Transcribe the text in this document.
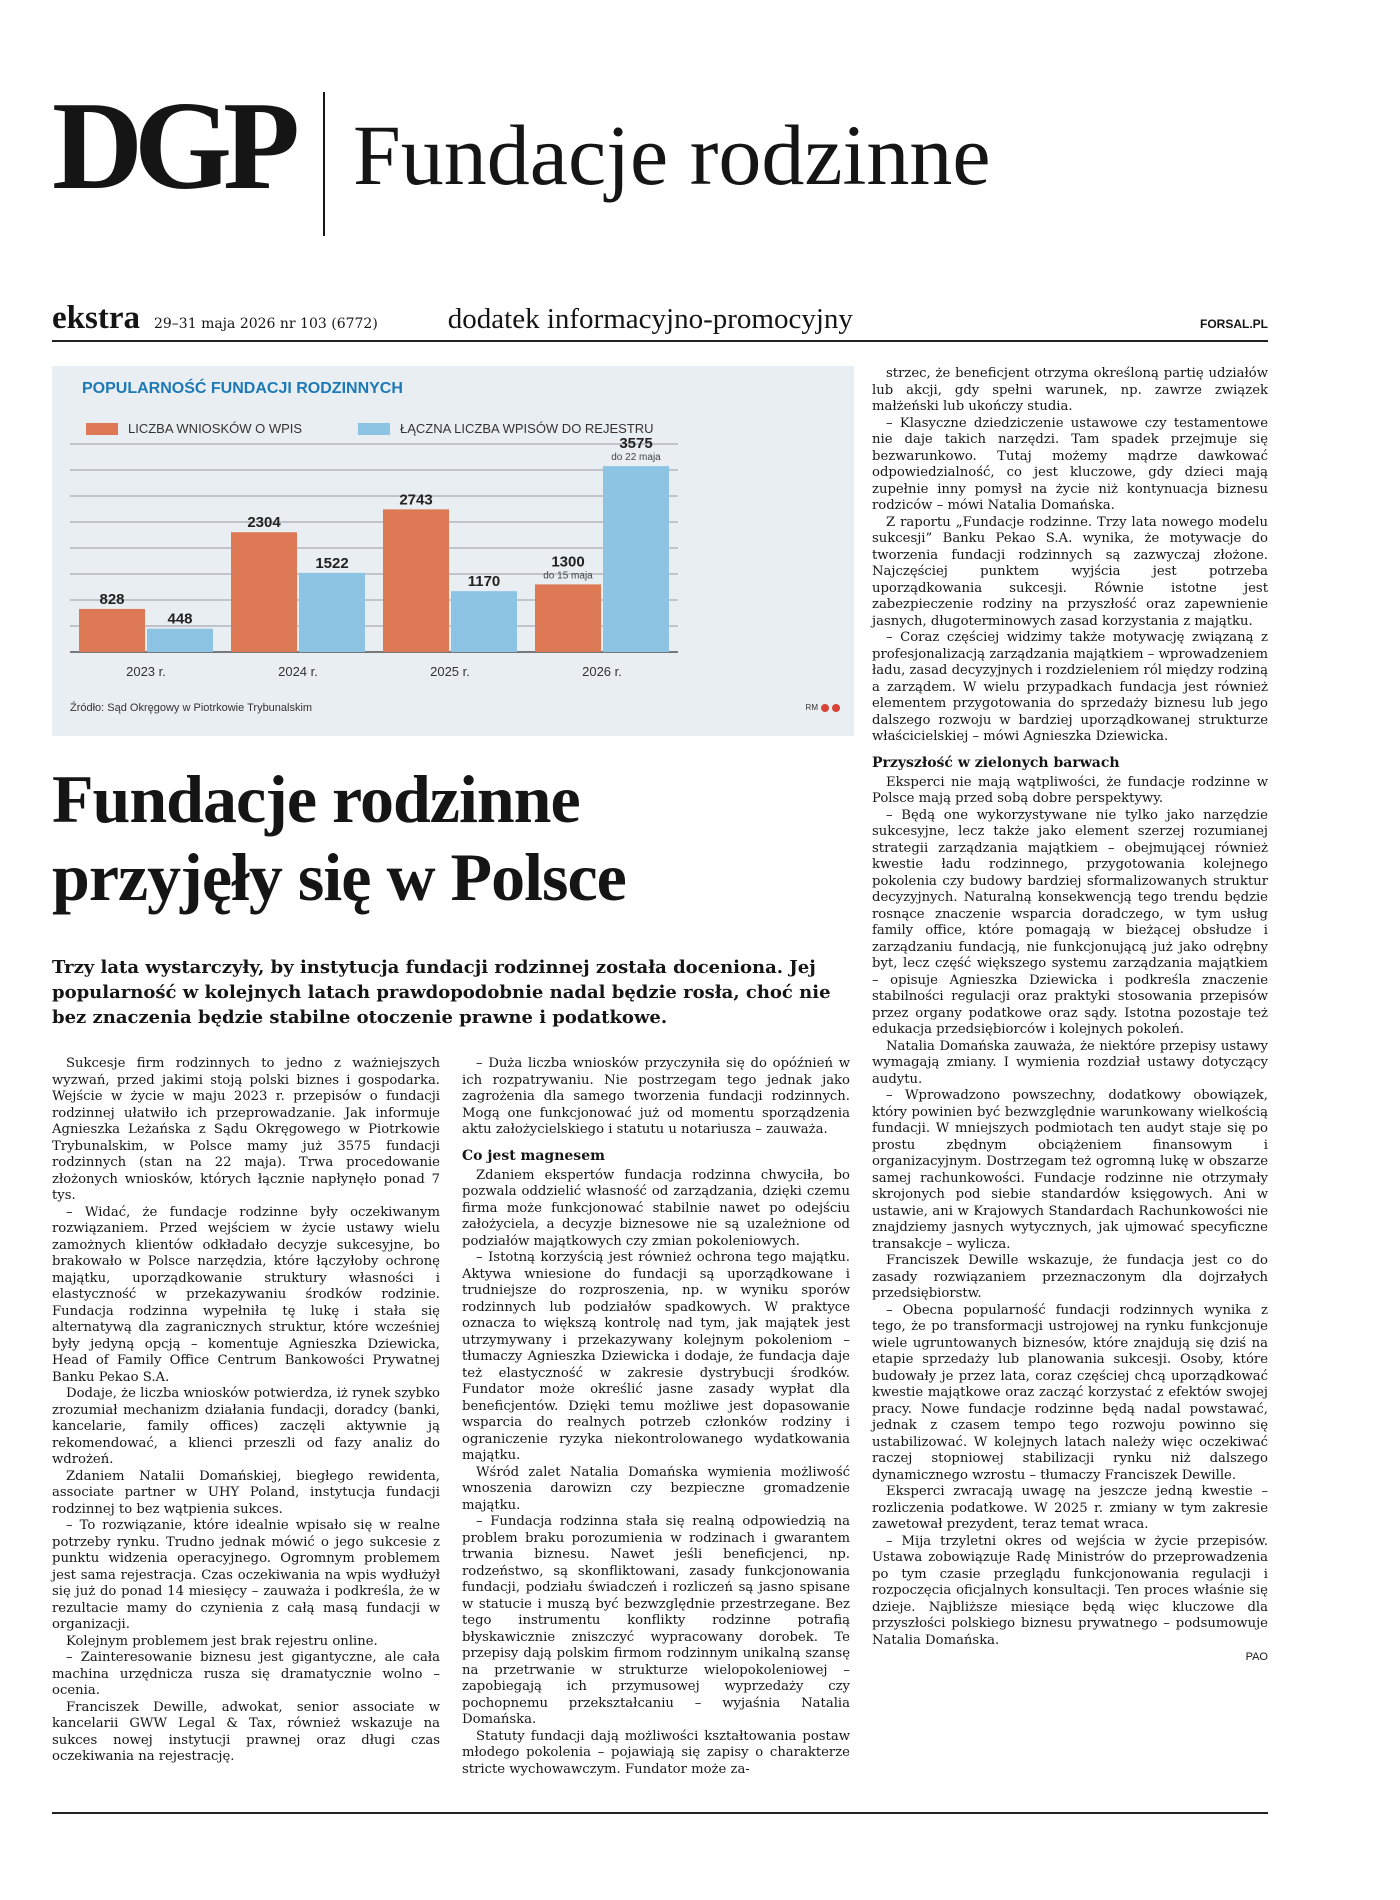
DGP Fundacje rodzinne
ekstra 29–31 maja 2026 nr 103 (6772) dodatek informacyjno-promocyjny	FORSAL.PL
POPULARNOŚĆ FUNDACJI RODZINNYCH
LICZBA WNIOSKÓW O WPIS	ŁĄCZNA LICZBA WPISÓW DO REJESTRU
828
448
2023 r.
2304
1522
2024 r.
2743
1170
2025 r.
1300
do 15 maja
3575
do 22 maja
2026 r.
Źródło: Sąd Okręgowy w Piotrkowie Trybunalskim	RM
Fundacje rodzinne
przyjęły się w Polsce

Trzy lata wystarczyły, by instytucja fundacji rodzinnej została doceniona. Jej popularność w kolejnych latach prawdopodobnie nadal będzie rosła, choć nie bez znaczenia będzie stabilne otoczenie prawne i podatkowe.

Sukcesje firm rodzinnych to jedno z ważniejszych wyzwań, przed jakimi stoją polski biznes i gospodarka. Wejście w życie w maju 2023 r. przepisów o fundacji rodzinnej ułatwiło ich przeprowadzanie. Jak informuje Agnieszka Leżańska z Sądu Okręgowego w Piotrkowie Trybunalskim, w Polsce mamy już 3575 fundacji rodzinnych (stan na 22 maja). Trwa procedowanie złożonych wniosków, których łącznie napłynęło ponad 7 tys.

– Widać, że fundacje rodzinne były oczekiwanym rozwiązaniem. Przed wejściem w życie ustawy wielu zamożnych klientów odkładało decyzje sukcesyjne, bo brakowało w Polsce narzędzia, które łączyłoby ochronę majątku, uporządkowanie struktury własności i elastyczność w przekazywaniu środków rodzinie. Fundacja rodzinna wypełniła tę lukę i stała się alternatywą dla zagranicznych struktur, które wcześniej były jedyną opcją – komentuje Agnieszka Dziewicka, Head of Family Office Centrum Bankowości Prywatnej Banku Pekao S.A.

Dodaje, że liczba wniosków potwierdza, iż rynek szybko zrozumiał mechanizm działania fundacji, doradcy (banki, kancelarie, family offices) zaczęli aktywnie ją rekomendować, a klienci przeszli od fazy analiz do wdrożeń.

Zdaniem Natalii Domańskiej, biegłego rewidenta, associate partner w UHY Poland, instytucja fundacji rodzinnej to bez wątpienia sukces.

– To rozwiązanie, które idealnie wpisało się w realne potrzeby rynku. Trudno jednak mówić o jego sukcesie z punktu widzenia operacyjnego. Ogromnym problemem jest sama rejestracja. Czas oczekiwania na wpis wydłużył się już do ponad 14 miesięcy – zauważa i podkreśla, że w rezultacie mamy do czynienia z całą masą fundacji w organizacji.

Kolejnym problemem jest brak rejestru online.

– Zainteresowanie biznesu jest gigantyczne, ale cała machina urzędnicza rusza się dramatycznie wolno – ocenia.

Franciszek Dewille, adwokat, senior associate w kancelarii GWW Legal & Tax, również wskazuje na sukces nowej instytucji prawnej oraz długi czas oczekiwania na rejestrację.

– Duża liczba wniosków przyczyniła się do opóźnień w ich rozpatrywaniu. Nie postrzegam tego jednak jako zagrożenia dla samego tworzenia fundacji rodzinnych. Mogą one funkcjonować już od momentu sporządzenia aktu założycielskiego i statutu u notariusza – zauważa.

Co jest magnesem

Zdaniem ekspertów fundacja rodzinna chwyciła, bo pozwala oddzielić własność od zarządzania, dzięki czemu firma może funkcjonować stabilnie nawet po odejściu założyciela, a decyzje biznesowe nie są uzależnione od podziałów majątkowych czy zmian pokoleniowych.

– Istotną korzyścią jest również ochrona tego majątku. Aktywa wniesione do fundacji są uporządkowane i trudniejsze do rozproszenia, np. w wyniku sporów rodzinnych lub podziałów spadkowych. W praktyce oznacza to większą kontrolę nad tym, jak majątek jest utrzymywany i przekazywany kolejnym pokoleniom – tłumaczy Agnieszka Dziewicka i dodaje, że fundacja daje też elastyczność w zakresie dystrybucji środków. Fundator może określić jasne zasady wypłat dla beneficjentów. Dzięki temu możliwe jest dopasowanie wsparcia do realnych potrzeb członków rodziny i ograniczenie ryzyka niekontrolowanego wydatkowania majątku.

Wśród zalet Natalia Domańska wymienia możliwość wnoszenia darowizn czy bezpieczne gromadzenie majątku.

– Fundacja rodzinna stała się realną odpowiedzią na problem braku porozumienia w rodzinach i gwarantem trwania biznesu. Nawet jeśli beneficjenci, np. rodzeństwo, są skonfliktowani, zasady funkcjonowania fundacji, podziału świadczeń i rozliczeń są jasno spisane w statucie i muszą być bezwzględnie przestrzegane. Bez tego instrumentu konflikty rodzinne potrafią błyskawicznie zniszczyć wypracowany dorobek. Te przepisy dają polskim firmom rodzinnym unikalną szansę na przetrwanie w strukturze wielopokoleniowej – zapobiegają ich przymusowej wyprzedaży czy pochopnemu przekształcaniu – wyjaśnia Natalia Domańska.

Statuty fundacji dają możliwości kształtowania postaw młodego pokolenia – pojawiają się zapisy o charakterze stricte wychowawczym. Fundator może za-

strzec, że beneficjent otrzyma określoną partię udziałów lub akcji, gdy spełni warunek, np. zawrze związek małżeński lub ukończy studia.

– Klasyczne dziedziczenie ustawowe czy testamentowe nie daje takich narzędzi. Tam spadek przejmuje się bezwarunkowo. Tutaj możemy mądrze dawkować odpowiedzialność, co jest kluczowe, gdy dzieci mają zupełnie inny pomysł na życie niż kontynuacja biznesu rodziców – mówi Natalia Domańska.

Z raportu „Fundacje rodzinne. Trzy lata nowego modelu sukcesji” Banku Pekao S.A. wynika, że motywacje do tworzenia fundacji rodzinnych są zazwyczaj złożone. Najczęściej punktem wyjścia jest potrzeba uporządkowania sukcesji. Równie istotne jest zabezpieczenie rodziny na przyszłość oraz zapewnienie jasnych, długoterminowych zasad korzystania z majątku.

– Coraz częściej widzimy także motywację związaną z profesjonalizacją zarządzania majątkiem – wprowadzeniem ładu, zasad decyzyjnych i rozdzieleniem ról między rodziną a zarządem. W wielu przypadkach fundacja jest również elementem przygotowania do sprzedaży biznesu lub jego dalszego rozwoju w bardziej uporządkowanej strukturze właścicielskiej – mówi Agnieszka Dziewicka.

Przyszłość w zielonych barwach

Eksperci nie mają wątpliwości, że fundacje rodzinne w Polsce mają przed sobą dobre perspektywy.

– Będą one wykorzystywane nie tylko jako narzędzie sukcesyjne, lecz także jako element szerzej rozumianej strategii zarządzania majątkiem – obejmującej również kwestie ładu rodzinnego, przygotowania kolejnego pokolenia czy budowy bardziej sformalizowanych struktur decyzyjnych. Naturalną konsekwencją tego trendu będzie rosnące znaczenie wsparcia doradczego, w tym usług family office, które pomagają w bieżącej obsłudze i zarządzaniu fundacją, nie funkcjonującą już jako odrębny byt, lecz część większego systemu zarządzania majątkiem – opisuje Agnieszka Dziewicka i podkreśla znaczenie stabilności regulacji oraz praktyki stosowania przepisów przez organy podatkowe oraz sądy. Istotna pozostaje też edukacja przedsiębiorców i kolejnych pokoleń.

Natalia Domańska zauważa, że niektóre przepisy ustawy wymagają zmiany. I wymienia rozdział ustawy dotyczący audytu.

– Wprowadzono powszechny, dodatkowy obowiązek, który powinien być bezwzględnie warunkowany wielkością fundacji. W mniejszych podmiotach ten audyt staje się po prostu zbędnym obciążeniem finansowym i organizacyjnym. Dostrzegam też ogromną lukę w obszarze samej rachunkowości. Fundacje rodzinne nie otrzymały skrojonych pod siebie standardów księgowych. Ani w ustawie, ani w Krajowych Standardach Rachunkowości nie znajdziemy jasnych wytycznych, jak ujmować specyficzne transakcje – wylicza.

Franciszek Dewille wskazuje, że fundacja jest co do zasady rozwiązaniem przeznaczonym dla dojrzałych przedsiębiorstw.

– Obecna popularność fundacji rodzinnych wynika z tego, że po transformacji ustrojowej na rynku funkcjonuje wiele ugruntowanych biznesów, które znajdują się dziś na etapie sprzedaży lub planowania sukcesji. Osoby, które budowały je przez lata, coraz częściej chcą uporządkować kwestie majątkowe oraz zacząć korzystać z efektów swojej pracy. Nowe fundacje rodzinne będą nadal powstawać, jednak z czasem tempo tego rozwoju powinno się ustabilizować. W kolejnych latach należy więc oczekiwać raczej stopniowej stabilizacji rynku niż dalszego dynamicznego wzrostu – tłumaczy Franciszek Dewille.

Eksperci zwracają uwagę na jeszcze jedną kwestie – rozliczenia podatkowe. W 2025 r. zmiany w tym zakresie zawetował prezydent, teraz temat wraca.

– Mija trzyletni okres od wejścia w życie przepisów. Ustawa zobowiązuje Radę Ministrów do przeprowadzenia po tym czasie przeglądu funkcjonowania regulacji i rozpoczęcia oficjalnych konsultacji. Ten proces właśnie się dzieje. Najbliższe miesiące będą więc kluczowe dla przyszłości polskiego biznesu prywatnego – podsumowuje Natalia Domańska.

PAO
